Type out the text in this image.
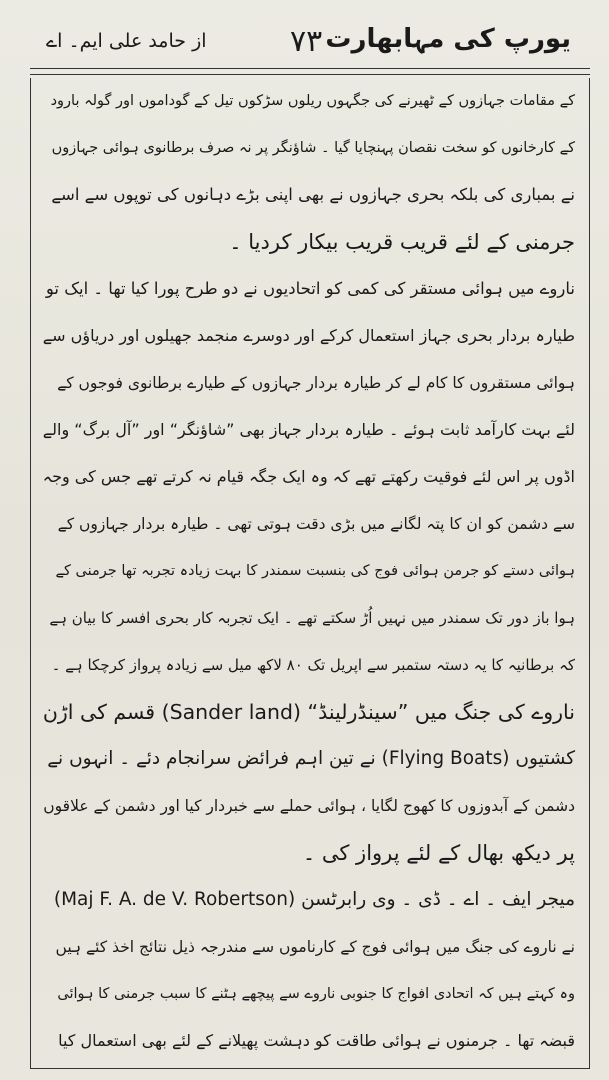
از حامد علی ایم۔ اے	۷۳ یورپ کی مہابھارت
کے مقامات جہازوں کے ٹھیرنے کی جگہوں ریلوں سڑکوں تیل کے گوداموں اور گولہ بارود
کے کارخانوں کو سخت نقصان پہنچایا گیا ۔ شاؤنگر پر نہ صرف برطانوی ہوائی جہازوں
نے بمباری کی بلکہ بحری جہازوں نے بھی اپنی بڑے دہانوں کی توپوں سے اسے
جرمنی کے لئے قریب قریب بیکار کردیا ۔
ناروے میں ہوائی مستقر کی کمی کو اتحادیوں نے دو طرح پورا کیا تھا ۔ ایک تو
طیارہ بردار بحری جہاز استعمال کرکے اور دوسرے منجمد جھیلوں اور دریاؤں سے
ہوائی مستقروں کا کام لے کر طیارہ بردار جہازوں کے طیارے برطانوی فوجوں کے
لئے بہت کارآمد ثابت ہوئے ۔ طیارہ بردار جہاز بھی ”شاؤنگر“ اور ”آل برگ“ والے
اڈوں پر اس لئے فوقیت رکھتے تھے کہ وہ ایک جگہ قیام نہ کرتے تھے جس کی وجہ
سے دشمن کو ان کا پتہ لگانے میں بڑی دقت ہوتی تھی ۔ طیارہ بردار جہازوں کے
ہوائی دستے کو جرمن ہوائی فوج کی بنسبت سمندر کا بہت زیادہ تجربہ تھا جرمنی کے
ہوا باز دور تک سمندر میں نہیں اُڑ سکتے تھے ۔ ایک تجربہ کار بحری افسر کا بیان ہے
کہ برطانیہ کا یہ دستہ ستمبر سے اپریل تک ۸۰ لاکھ میل سے زیادہ پرواز کرچکا ہے ۔
ناروے کی جنگ میں ”سینڈرلینڈ“ (Sander land) قسم کی اڑن
کشتیوں (Flying Boats) نے تین اہم فرائض سرانجام دئے ۔ انہوں نے
دشمن کے آبدوزوں کا کھوج لگایا ، ہوائی حملے سے خبردار کیا اور دشمن کے علاقوں
پر دیکھ بھال کے لئے پرواز کی ۔
میجر ایف ۔ اے ۔ ڈی ۔ وی رابرٹسن (Maj F. A. de V. Robertson)
نے ناروے کی جنگ میں ہوائی فوج کے کارناموں سے مندرجہ ذیل نتائج اخذ کئے ہیں
وہ کہتے ہیں کہ اتحادی افواج کا جنوبی ناروے سے پیچھے ہٹنے کا سبب جرمنی کا ہوائی
قبضہ تھا ۔ جرمنوں نے ہوائی طاقت کو دہشت پھیلانے کے لئے بھی استعمال کیا
